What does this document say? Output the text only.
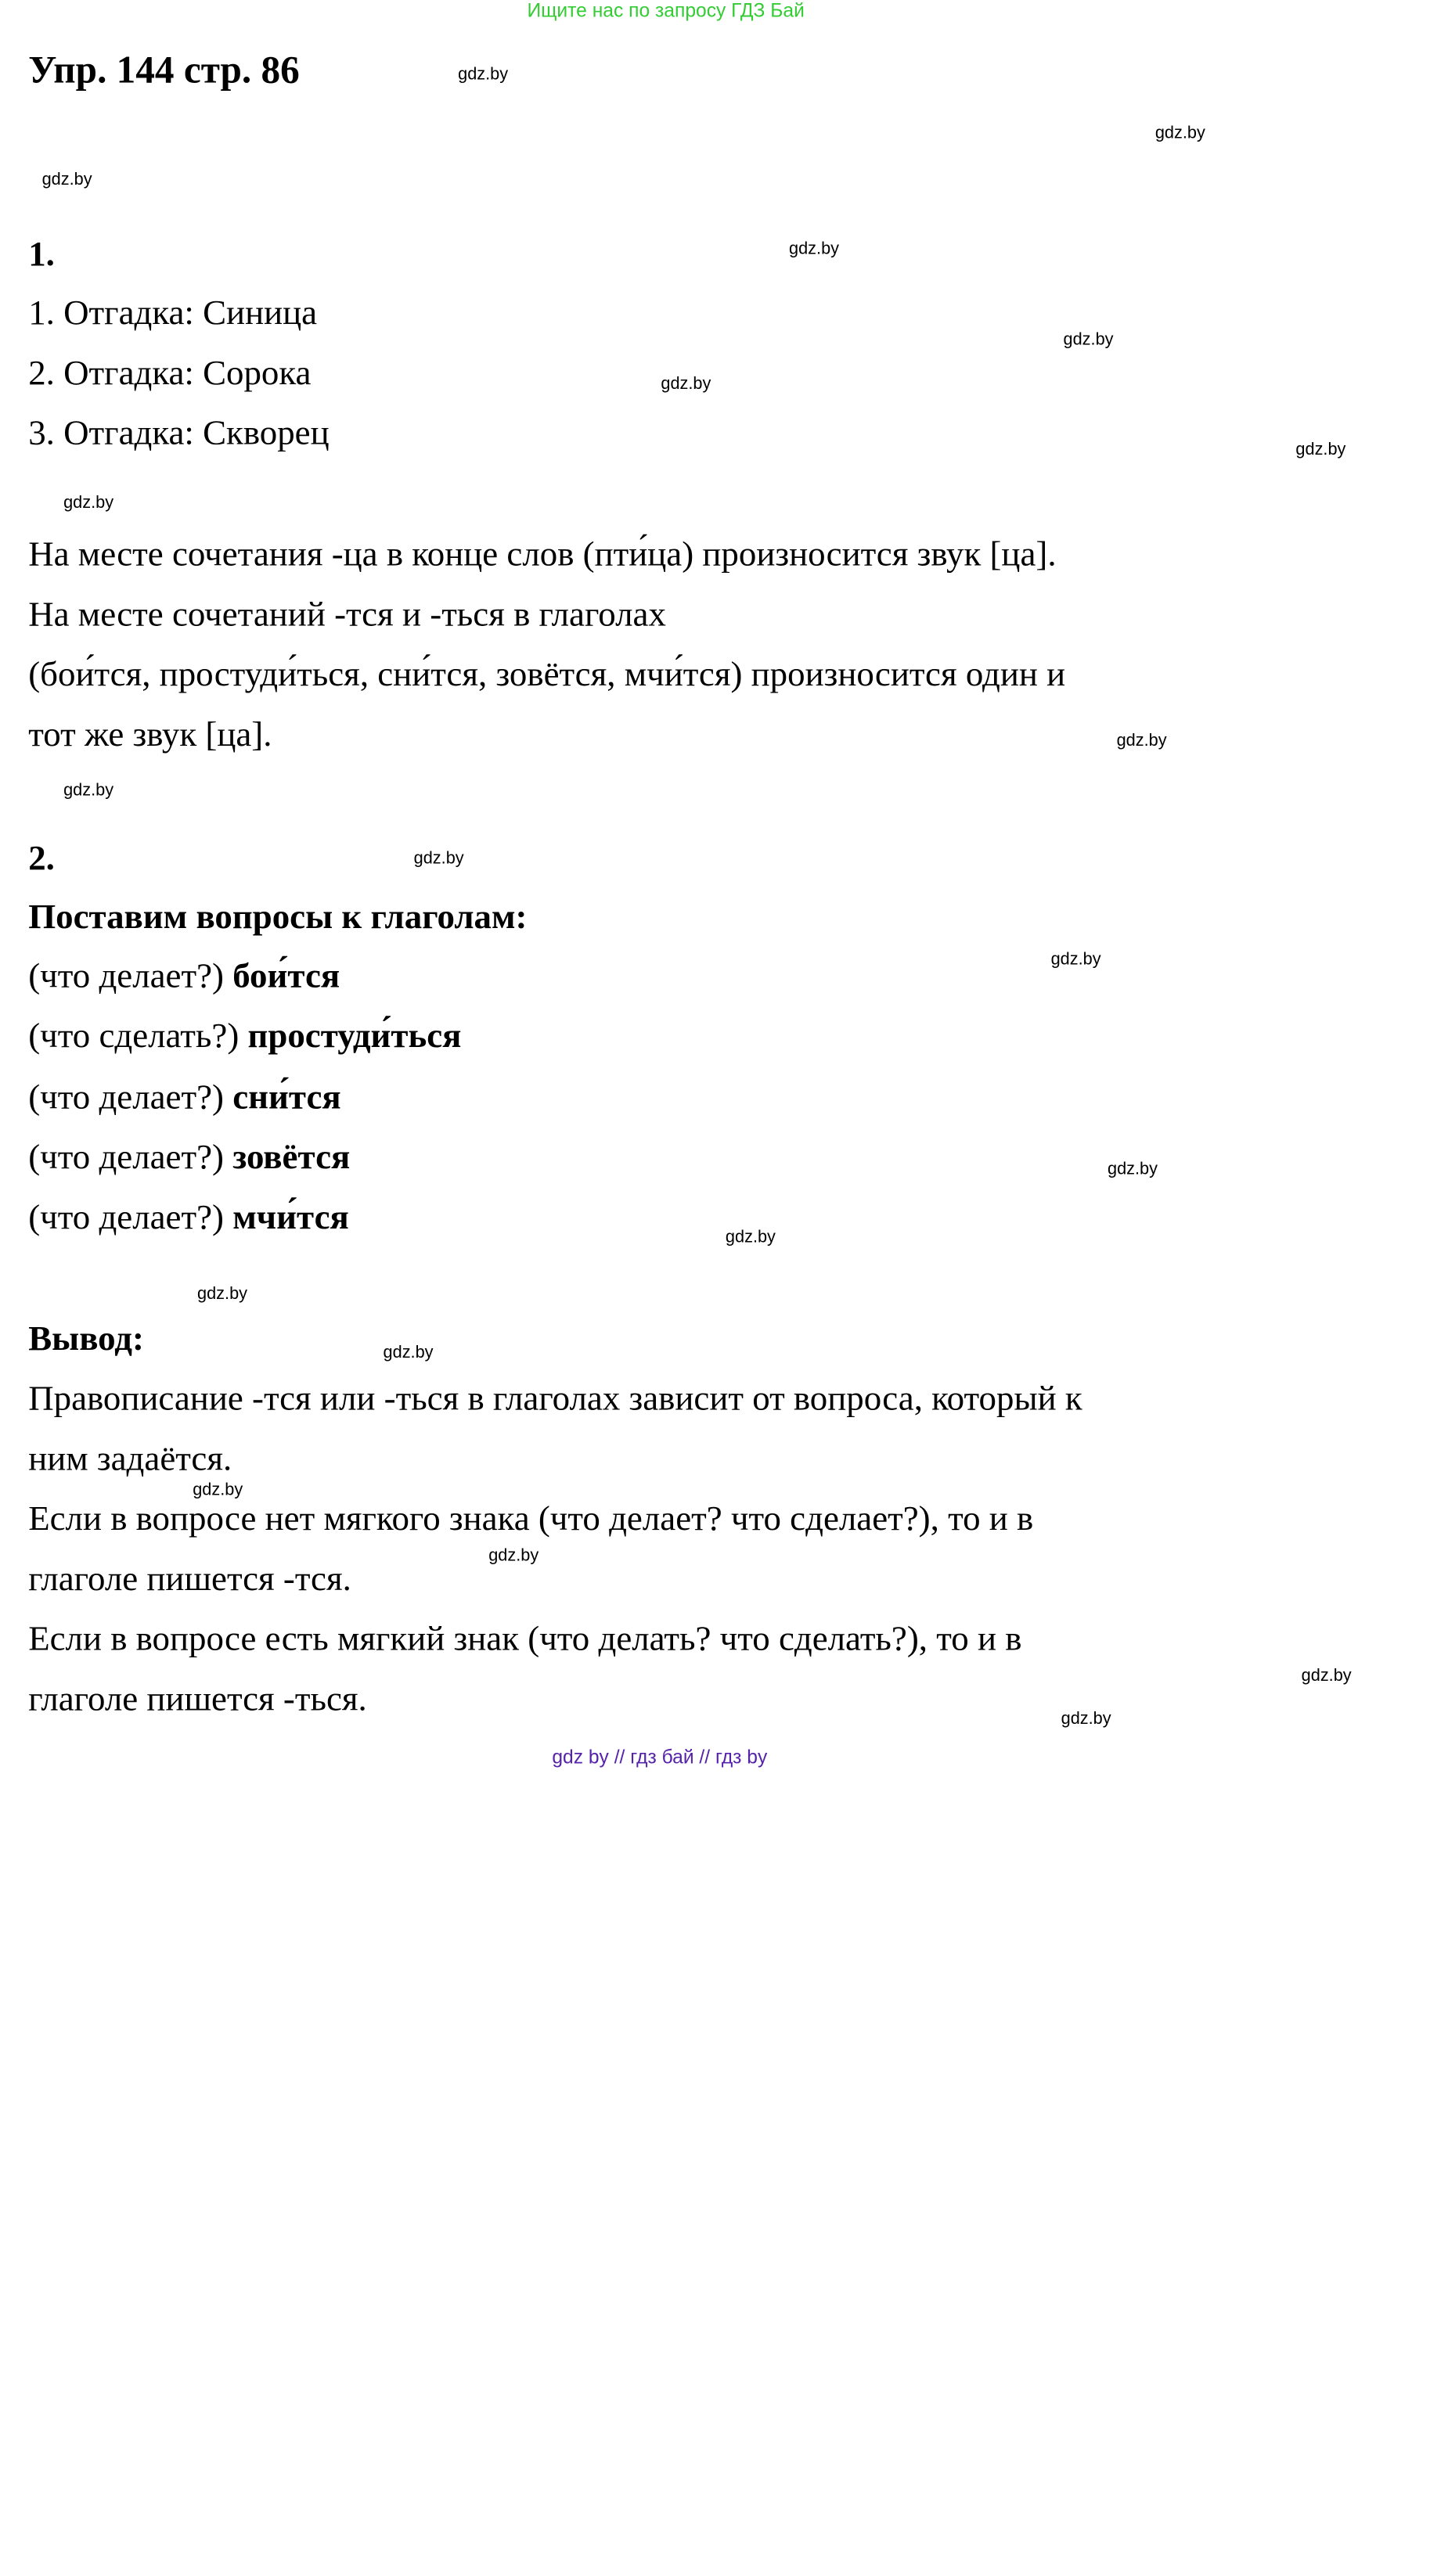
Ищите нас по запросу ГДЗ Бай
Упр. 144 стр. 86	gdz.by
gdz.by
gdz.by
gdz.by
gdz.by
gdz.by
gdz.by
gdz.by
gdz.by
gdz.by
gdz.by
gdz.by
gdz.by
gdz.by
gdz.by
gdz.by
gdz.by
gdz.by
gdz.by
gdz.by
1.
1. Отгадка: Синица
2. Отгадка: Сорока
3. Отгадка: Скворец
На месте сочетания -ца в конце слов (пти́ца) произносится звук [ца].
На месте сочетаний -тся и -ться в глаголах
(бои́тся, простуди́ться, сни́тся, зовётся, мчи́тся) произносится один и
тот же звук [ца].
2.
Поставим вопросы к глаголам:
(что делает?) бои́тся
(что сделать?) простуди́ться
(что делает?) сни́тся
(что делает?) зовётся
(что делает?) мчи́тся
Вывод:
Правописание -тся или -ться в глаголах зависит от вопроса, который к
ним задаётся.
Если в вопросе нет мягкого знака (что делает? что сделает?), то и в
глаголе пишется -тся.
Если в вопросе есть мягкий знак (что делать? что сделать?), то и в
глаголе пишется -ться.
gdz by // гдз бай // гдз by
